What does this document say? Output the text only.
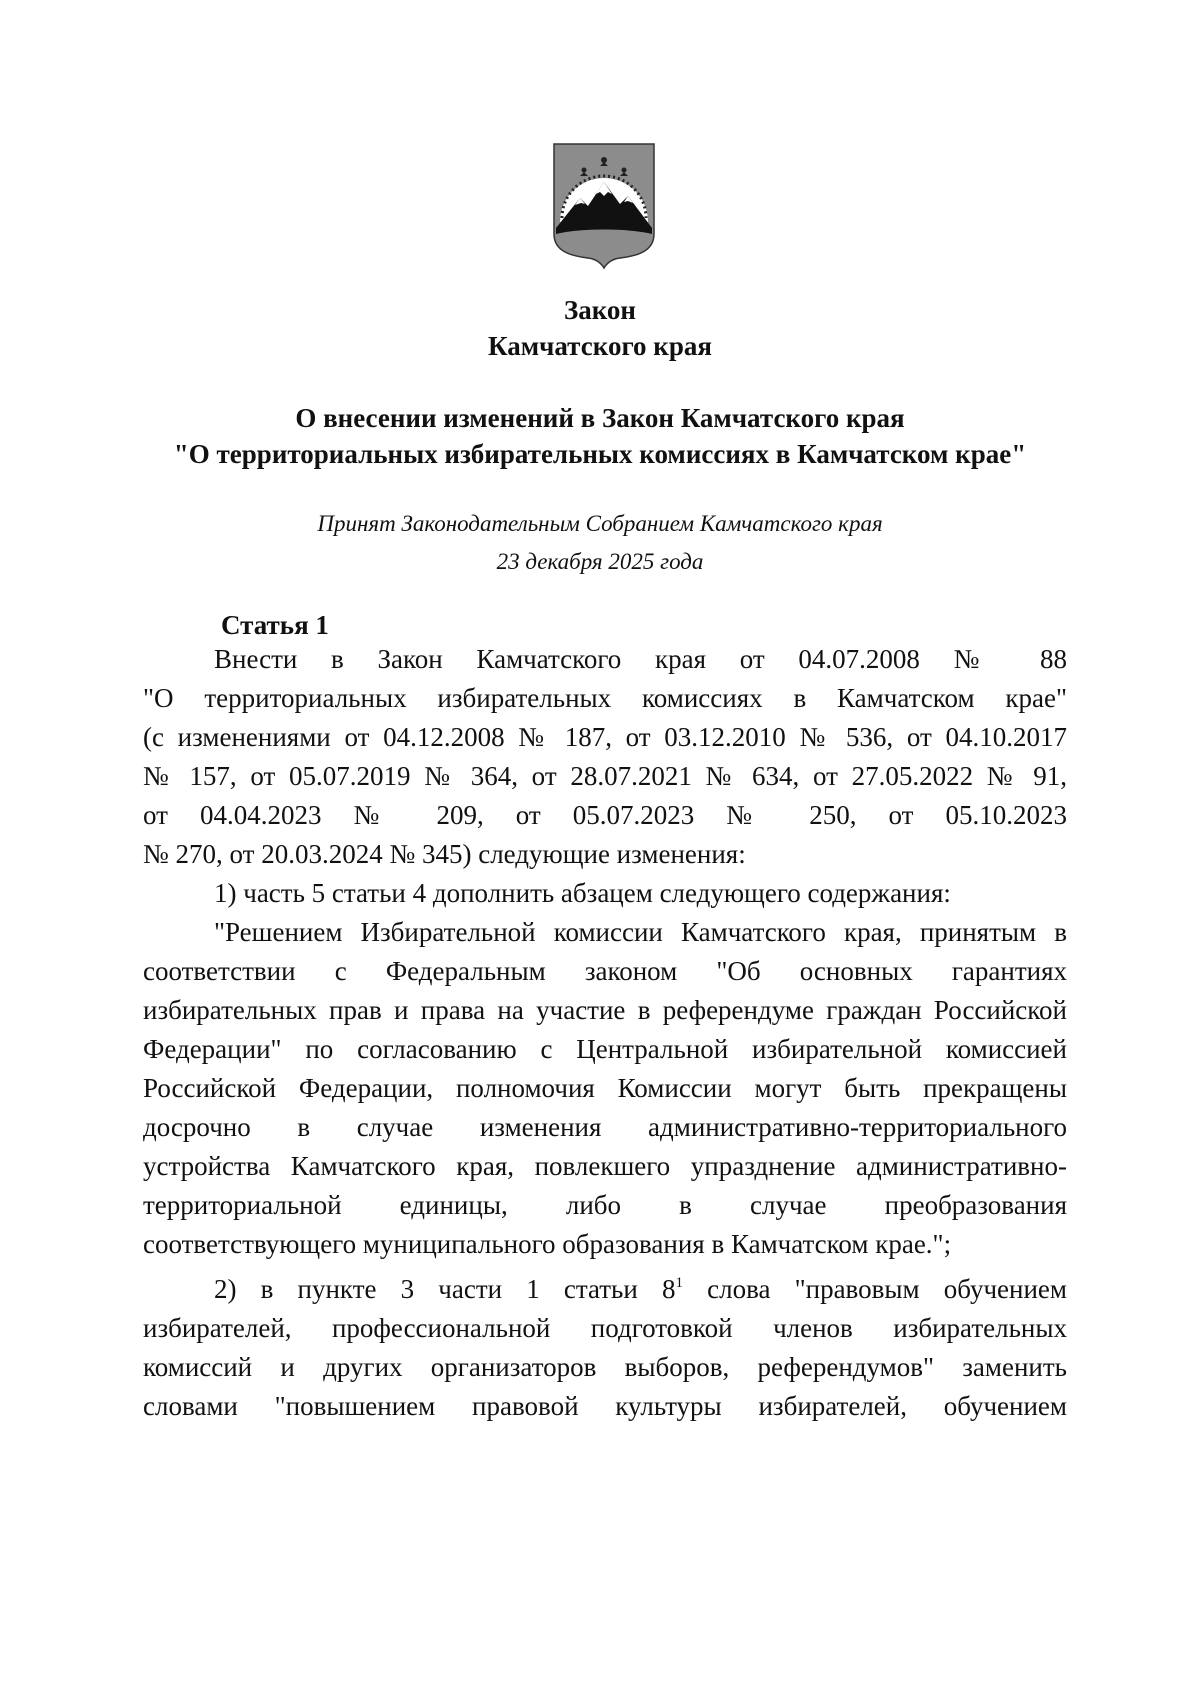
Закон
Камчатского края
О внесении изменений в Закон Камчатского края
"О территориальных избирательных комиссиях в Камчатском крае"
Принят Законодательным Собранием Камчатского края
23 декабря 2025 года
Статья 1
Внести в Закон Камчатского края от 04.07.2008 № 88
"О территориальных избирательных комиссиях в Камчатском крае"
(с изменениями от 04.12.2008 № 187, от 03.12.2010 № 536, от 04.10.2017
№ 157, от 05.07.2019 № 364, от 28.07.2021 № 634, от 27.05.2022 № 91,
от 04.04.2023 № 209, от 05.07.2023 № 250, от 05.10.2023
№ 270, от 20.03.2024 № 345) следующие изменения:
1) часть 5 статьи 4 дополнить абзацем следующего содержания:
"Решением Избирательной комиссии Камчатского края, принятым в
соответствии с Федеральным законом "Об основных гарантиях
избирательных прав и права на участие в референдуме граждан Российской
Федерации" по согласованию с Центральной избирательной комиссией
Российской Федерации, полномочия Комиссии могут быть прекращены
досрочно в случае изменения административно-территориального
устройства Камчатского края, повлекшего упразднение административно-
территориальной единицы, либо в случае преобразования
соответствующего муниципального образования в Камчатском крае.";
2) в пункте 3 части 1 статьи $8^1$ слова "правовым обучением
избирателей, профессиональной подготовкой членов избирательных
комиссий и других организаторов выборов, референдумов" заменить
словами "повышением правовой культуры избирателей, обучением
